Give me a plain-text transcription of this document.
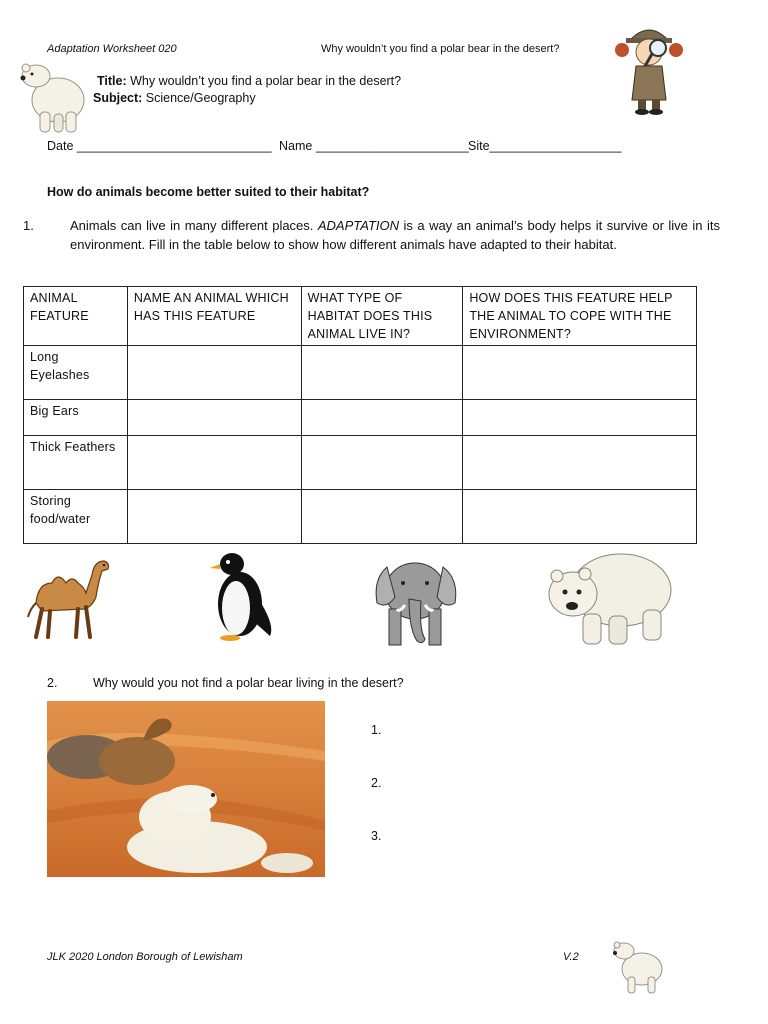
Adaptation Worksheet 020	Why wouldn’t you find a polar bear in the desert?
Title: Why wouldn’t you find a polar bear in the desert?
Subject: Science/Geography
Date ____________________________ Name ______________________ Site___________________
How do animals become better suited to their habitat?
1.	Animals can live in many different places. ADAPTATION is a way an animal’s body helps it survive or live in its environment. Fill in the table below to show how different animals have adapted to their habitat.
ANIMAL FEATURE	NAME AN ANIMAL WHICH HAS THIS FEATURE	WHAT TYPE OF HABITAT DOES THIS ANIMAL LIVE IN?	HOW DOES THIS FEATURE HELP THE ANIMAL TO COPE WITH THE ENVIRONMENT?
Long Eyelashes			
Big Ears			
Thick Feathers			
Storing food/water			
2.	Why would you not find a polar bear living in the desert?
1.
2.
3.
JLK 2020 London Borough of Lewisham	V.2
